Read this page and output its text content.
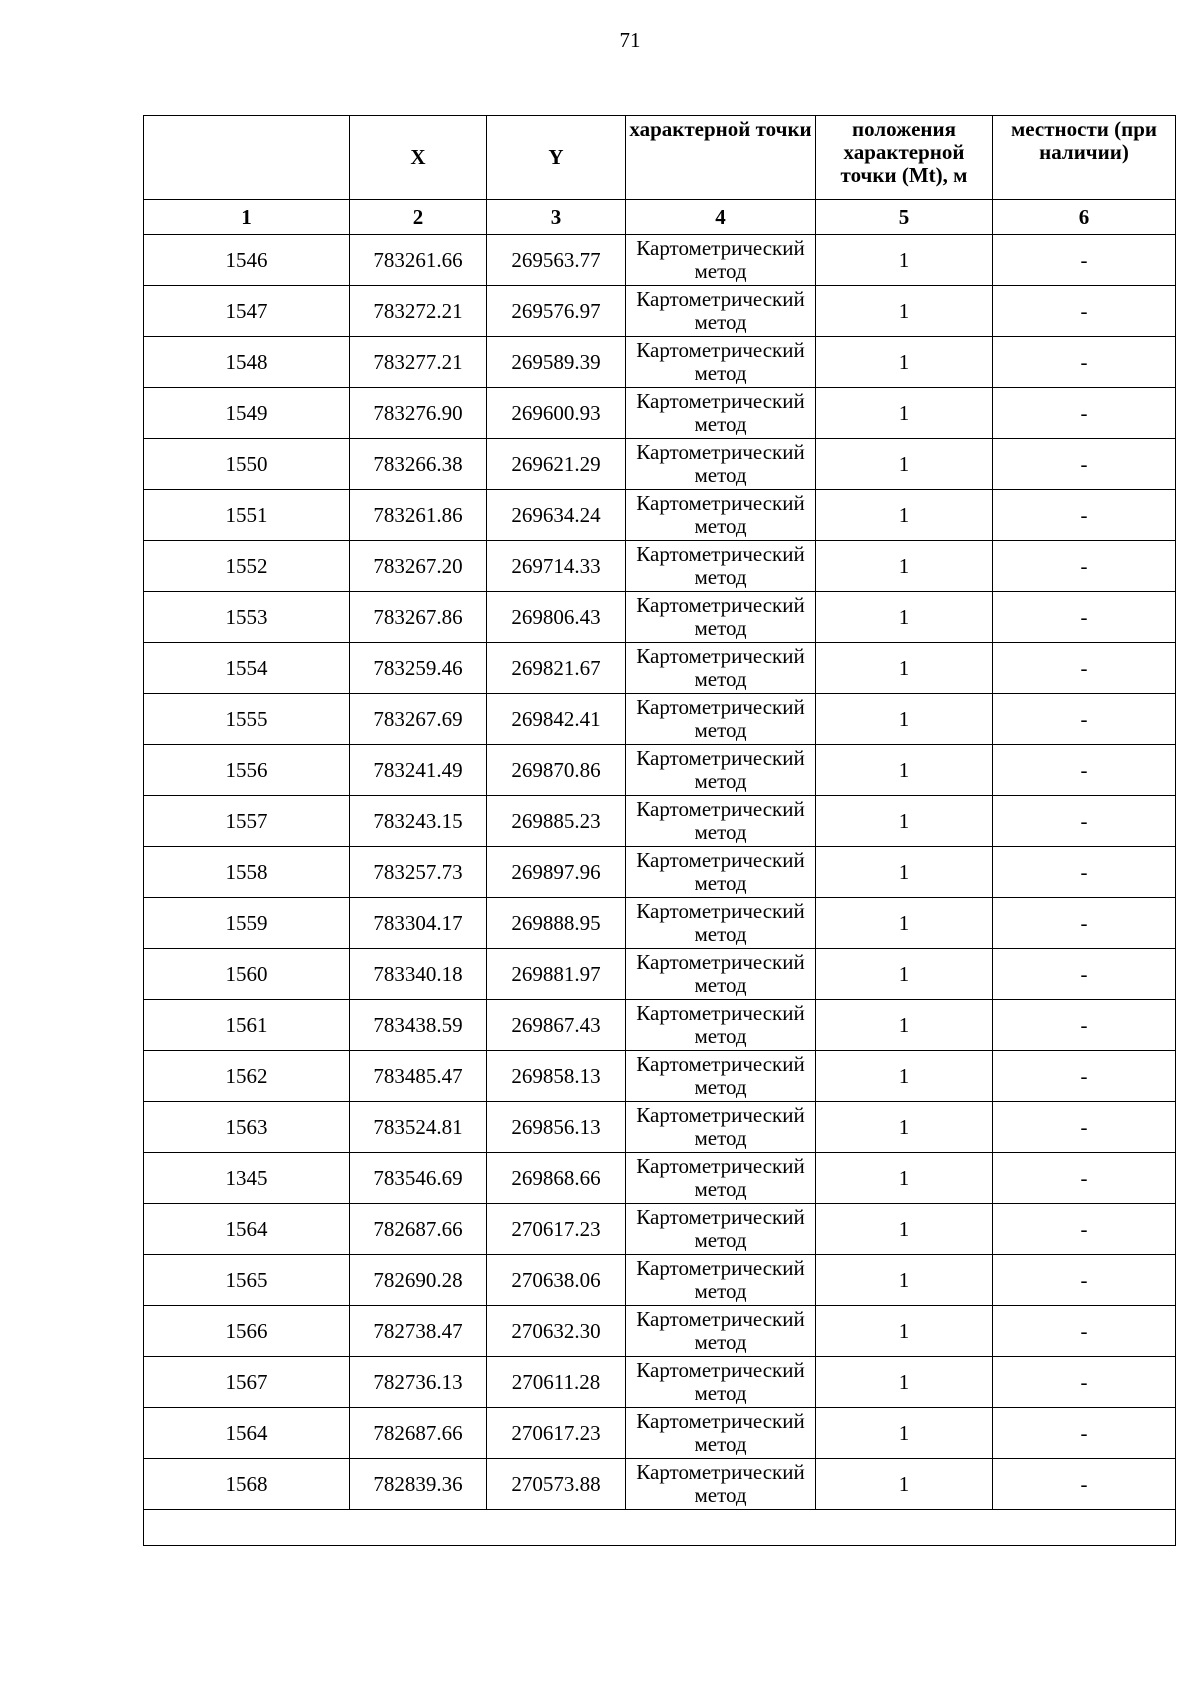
71
	X	Y	характерной точки	положения характерной точки (Mt), м	местности (при наличии)
1	2	3	4	5	6
1546	783261.66	269563.77	Картометрический метод	1	-
1547	783272.21	269576.97	Картометрический метод	1	-
1548	783277.21	269589.39	Картометрический метод	1	-
1549	783276.90	269600.93	Картометрический метод	1	-
1550	783266.38	269621.29	Картометрический метод	1	-
1551	783261.86	269634.24	Картометрический метод	1	-
1552	783267.20	269714.33	Картометрический метод	1	-
1553	783267.86	269806.43	Картометрический метод	1	-
1554	783259.46	269821.67	Картометрический метод	1	-
1555	783267.69	269842.41	Картометрический метод	1	-
1556	783241.49	269870.86	Картометрический метод	1	-
1557	783243.15	269885.23	Картометрический метод	1	-
1558	783257.73	269897.96	Картометрический метод	1	-
1559	783304.17	269888.95	Картометрический метод	1	-
1560	783340.18	269881.97	Картометрический метод	1	-
1561	783438.59	269867.43	Картометрический метод	1	-
1562	783485.47	269858.13	Картометрический метод	1	-
1563	783524.81	269856.13	Картометрический метод	1	-
1345	783546.69	269868.66	Картометрический метод	1	-
1564	782687.66	270617.23	Картометрический метод	1	-
1565	782690.28	270638.06	Картометрический метод	1	-
1566	782738.47	270632.30	Картометрический метод	1	-
1567	782736.13	270611.28	Картометрический метод	1	-
1564	782687.66	270617.23	Картометрический метод	1	-
1568	782839.36	270573.88	Картометрический метод	1	-
